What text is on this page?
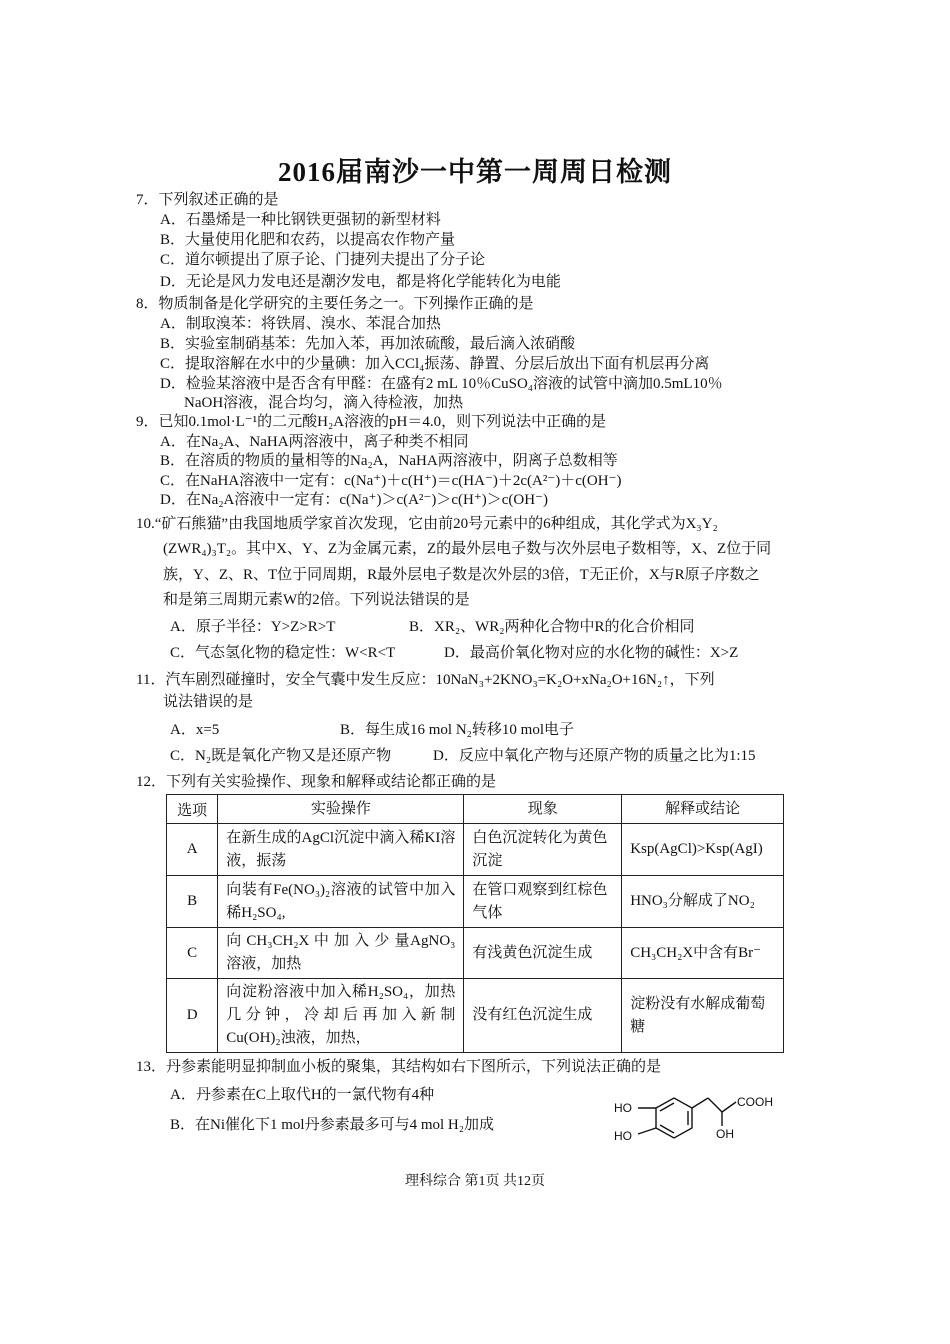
2016届南沙一中第一周周日检测
7．下列叙述正确的是
A．石墨烯是一种比钢铁更强韧的新型材料
B．大量使用化肥和农药，以提高农作物产量
C．道尔顿提出了原子论、门捷列夫提出了分子论
D．无论是风力发电还是潮汐发电，都是将化学能转化为电能
8．物质制备是化学研究的主要任务之一。下列操作正确的是
A．制取溴苯：将铁屑、溴水、苯混合加热
B．实验室制硝基苯：先加入苯，再加浓硫酸，最后滴入浓硝酸
C．提取溶解在水中的少量碘：加入CCl₄振荡、静置、分层后放出下面有机层再分离
D．检验某溶液中是否含有甲醛：在盛有2 mL 10％CuSO₄溶液的试管中滴加0.5mL10％
NaOH溶液，混合均匀，滴入待检液，加热
9．已知0.1mol·L⁻¹的二元酸H₂A溶液的pH＝4.0，则下列说法中正确的是
A．在Na₂A、NaHA两溶液中，离子种类不相同
B．在溶质的物质的量相等的Na₂A，NaHA两溶液中，阴离子总数相等
C．在NaHA溶液中一定有：c(Na⁺)＋c(H⁺)＝c(HA⁻)＋2c(A²⁻)＋c(OH⁻)
D．在Na₂A溶液中一定有：c(Na⁺)＞c(A²⁻)＞c(H⁺)＞c(OH⁻)
10.“矿石熊猫”由我国地质学家首次发现，它由前20号元素中的6种组成，其化学式为X₃Y₂
(ZWR₄)₃T₂。其中X、Y、Z为金属元素，Z的最外层电子数与次外层电子数相等，X、Z位于同
族，Y、Z、R、T位于同周期，R最外层电子数是次外层的3倍，T无正价，X与R原子序数之
和是第三周期元素W的2倍。下列说法错误的是
A．原子半径：Y>Z>R>T	B．XR₂、WR₂两种化合物中R的化合价相同
C．气态氢化物的稳定性：W<R<T	D．最高价氧化物对应的水化物的碱性：X>Z
11．汽车剧烈碰撞时，安全气囊中发生反应：10NaN₃+2KNO₃=K₂O+xNa₂O+16N₂↑，下列
说法错误的是
A．x=5	B．每生成16 mol N₂转移10 mol电子
C．N₂既是氧化产物又是还原产物	D．反应中氧化产物与还原产物的质量之比为1:15
12．下列有关实验操作、现象和解释或结论都正确的是
选项	实验操作	现象	解释或结论
A	在新生成的AgCl沉淀中滴入稀KI溶液，振荡	白色沉淀转化为黄色沉淀	Ksp(AgCl)>Ksp(AgI)
B	向装有Fe(NO₃)₂溶液的试管中加入稀H₂SO₄,	在管口观察到红棕色气体	HNO₃分解成了NO₂
C	向 CH₃CH₂X 中 加 入 少 量AgNO₃溶液，加热	有浅黄色沉淀生成	CH₃CH₂X中含有Br⁻
D	向淀粉溶液中加入稀H₂SO₄，加热几分钟，冷却后再加入新制Cu(OH)₂浊液，加热，	没有红色沉淀生成	淀粉没有水解成葡萄糖
13．丹参素能明显抑制血小板的聚集，其结构如右下图所示，下列说法正确的是
A．丹参素在C上取代H的一氯代物有4种
B．在Ni催化下1 mol丹参素最多可与4 mol H₂加成
COOH
OH
HO
HO
理科综合 第1页 共12页
